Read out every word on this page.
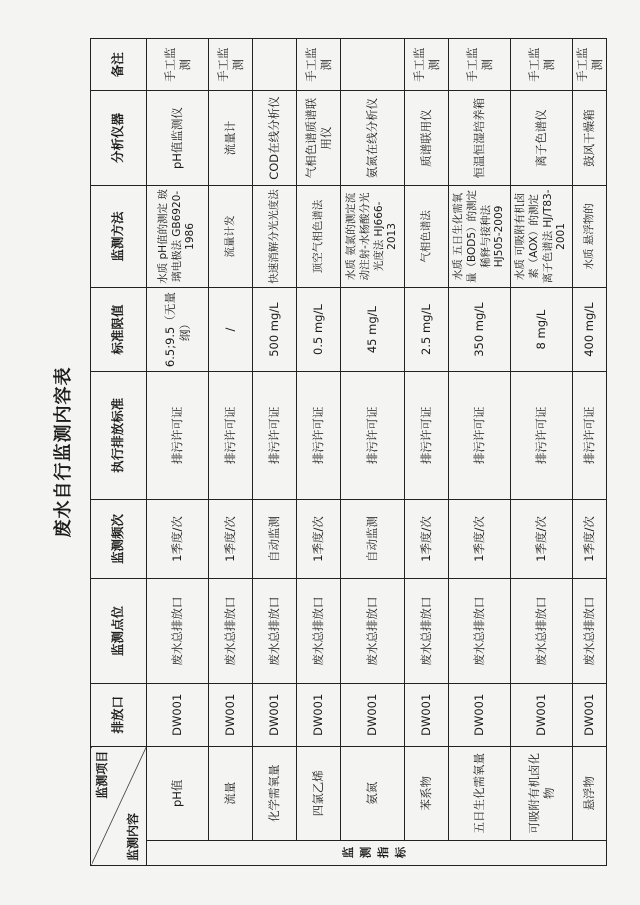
废水自行监测内容表
监测项目
监测内容		排放口	监测点位	监测频次	执行排放标准	标准限值	监测方法	分析仪器	备注
监测指标	pH值	DW001	废水总排放口	1季度/次	排污许可证	6.5;9.5（无量纲）	水质 pH值的测定 玻璃电极法 GB6920-1986	pH值监测仪	手工监测
	流量	DW001	废水总排放口	1季度/次	排污许可证	/	流量计发	流量计	手工监测
	化学需氧量	DW001	废水总排放口	自动监测	排污许可证	500 mg/L	快速消解分光光度法	COD在线分析仪	
	四氯乙烯	DW001	废水总排放口	1季度/次	排污许可证	0.5 mg/L	顶空气相色谱法	气相色谱质谱联用仪	手工监测
	氨氮	DW001	废水总排放口	自动监测	排污许可证	45 mg/L	水质 氨氮的测定流动注射-水杨酸分光光度法 HJ666-2013	氨氮在线分析仪	
	苯系物	DW001	废水总排放口	1季度/次	排污许可证	2.5 mg/L	气相色谱法	质谱联用仪	手工监测
	五日生化需氧量	DW001	废水总排放口	1季度/次	排污许可证	350 mg/L	水质 五日生化需氧量（BOD5）的测定 稀释与接种法 HJ505-2009	恒温恒湿培养箱	手工监测
	可吸附有机卤化物	DW001	废水总排放口	1季度/次	排污许可证	8 mg/L	水质 可吸附有机卤素（AOX）的测定 离子色谱法 HJ/T83-2001	离子色谱仪	手工监测
	悬浮物	DW001	废水总排放口	1季度/次	排污许可证	400 mg/L	水质 悬浮物的	鼓风干燥箱	手工监测
